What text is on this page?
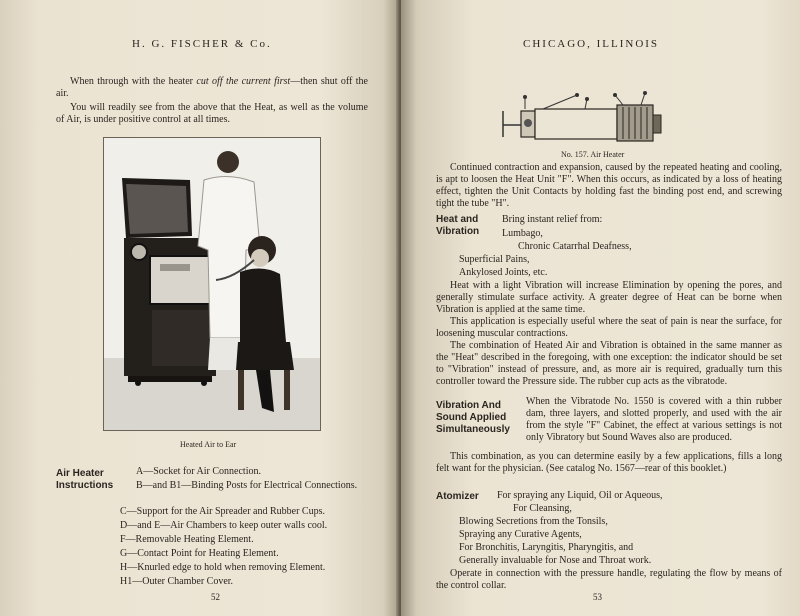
H. G. FISCHER & Co.

When through with the heater cut off the current first—then shut off the air.

You will readily see from the above that the Heat, as well as the volume of Air, is under positive control at all times.

Heated Air to Ear
Air Heater
Instructions
A—Socket for Air Connection.
B—and B1—Binding Posts for Electrical Connections.
C—Support for the Air Spreader and Rubber Cups.
D—and E—Air Chambers to keep outer walls cool.
F—Removable Heating Element.
G—Contact Point for Heating Element.
H—Knurled edge to hold when removing Element.
H1—Outer Chamber Cover.
52
CHICAGO, ILLINOIS
No. 157. Air Heater

Continued contraction and expansion, caused by the repeated heating and cooling, is apt to loosen the Heat Unit "F". When this occurs, as indicated by a loss of heating effect, tighten the Unit Contacts by holding fast the binding post end, and screwing tight the tube "H".

Heat and
Vibration
Bring instant relief from:
Lumbago,
Chronic Catarrhal Deafness,
Superficial Pains,
Ankylosed Joints, etc.

Heat with a light Vibration will increase Elimination by opening the pores, and generally stimulate surface activity. A greater degree of Heat can be borne when Vibration is applied at the same time.

This application is especially useful where the seat of pain is near the surface, for loosening muscular contractions.

The combination of Heated Air and Vibration is obtained in the same manner as the "Heat" described in the foregoing, with one exception: the indicator should be set to "Vibration" instead of pressure, and, as more air is required, gradually turn this controller toward the Pressure side. The rubber cup acts as the vibratode.

Vibration And
Sound Applied
Simultaneously

When the Vibratode No. 1550 is covered with a thin rubber dam, three layers, and slotted properly, and used with the air from the style "F" Cabinet, the effect at various settings is not only Vibratory but Sound Waves also are produced.

This combination, as you can determine easily by a few applications, fills a long felt want for the physician. (See catalog No. 1567—rear of this booklet.)

Atomizer For spraying any Liquid, Oil or Aqueous,
For Cleansing,
Blowing Secretions from the Tonsils,
Spraying any Curative Agents,
For Bronchitis, Laryngitis, Pharyngitis, and
Generally invaluable for Nose and Throat work.

Operate in connection with the pressure handle, regulating the flow by means of the control collar.

53
